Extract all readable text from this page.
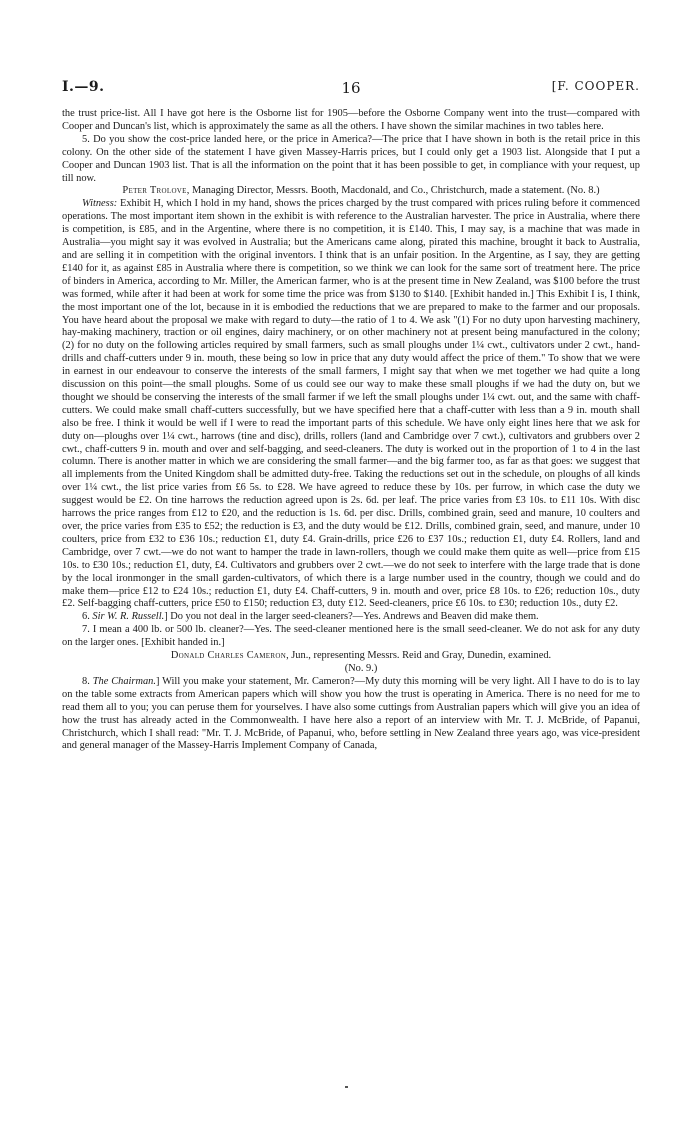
I.—9.	16	[F. COOPER.

the trust price-list. All I have got here is the Osborne list for 1905—before the Osborne Company went into the trust—compared with Cooper and Duncan's list, which is approximately the same as all the others. I have shown the similar machines in two tables here.

5. Do you show the cost-price landed here, or the price in America?—The price that I have shown in both is the retail price in this colony. On the other side of the statement I have given Massey-Harris prices, but I could only get a 1903 list. Alongside that I put a Cooper and Duncan 1903 list. That is all the information on the point that it has been possible to get, in compliance with your request, up till now.

Peter Trolove, Managing Director, Messrs. Booth, Macdonald, and Co., Christchurch, made a statement. (No. 8.)

Witness: Exhibit H, which I hold in my hand, shows the prices charged by the trust compared with prices ruling before it commenced operations. The most important item shown in the exhibit is with reference to the Australian harvester. The price in Australia, where there is competition, is £85, and in the Argentine, where there is no competition, it is £140. This, I may say, is a machine that was made in Australia—you might say it was evolved in Australia; but the Americans came along, pirated this machine, brought it back to Australia, and are selling it in competition with the original inventors. I think that is an unfair position. In the Argentine, as I say, they are getting £140 for it, as against £85 in Australia where there is competition, so we think we can look for the same sort of treatment here. The price of binders in America, according to Mr. Miller, the American farmer, who is at the present time in New Zealand, was $100 before the trust was formed, while after it had been at work for some time the price was from $130 to $140. [Exhibit handed in.] This Exhibit I is, I think, the most important one of the lot, because in it is embodied the reductions that we are prepared to make to the farmer and our proposals. You have heard about the proposal we make with regard to duty—the ratio of 1 to 4. We ask "(1) For no duty upon harvesting machinery, hay-making machinery, traction or oil engines, dairy machinery, or on other machinery not at present being manufactured in the colony; (2) for no duty on the following articles required by small farmers, such as small ploughs under 1¼ cwt., cultivators under 2 cwt., hand-drills and chaff-cutters under 9 in. mouth, these being so low in price that any duty would affect the price of them." To show that we were in earnest in our endeavour to conserve the interests of the small farmers, I might say that when we met together we had quite a long discussion on this point—the small ploughs. Some of us could see our way to make these small ploughs if we had the duty on, but we thought we should be conserving the interests of the small farmer if we left the small ploughs under 1¼ cwt. out, and the same with chaff-cutters. We could make small chaff-cutters successfully, but we have specified here that a chaff-cutter with less than a 9 in. mouth shall also be free. I think it would be well if I were to read the important parts of this schedule. We have only eight lines here that we ask for duty on—ploughs over 1¼ cwt., harrows (tine and disc), drills, rollers (land and Cambridge over 7 cwt.), cultivators and grubbers over 2 cwt., chaff-cutters 9 in. mouth and over and self-bagging, and seed-cleaners. The duty is worked out in the proportion of 1 to 4 in the last column. There is another matter in which we are considering the small farmer—and the big farmer too, as far as that goes: we suggest that all implements from the United Kingdom shall be admitted duty-free. Taking the reductions set out in the schedule, on ploughs of all kinds over 1¼ cwt., the list price varies from £6 5s. to £28. We have agreed to reduce these by 10s. per furrow, in which case the duty we suggest would be £2. On tine harrows the reduction agreed upon is 2s. 6d. per leaf. The price varies from £3 10s. to £11 10s. With disc harrows the price ranges from £12 to £20, and the reduction is 1s. 6d. per disc. Drills, combined grain, seed and manure, 10 coulters and over, the price varies from £35 to £52; the reduction is £3, and the duty would be £12. Drills, combined grain, seed, and manure, under 10 coulters, price from £32 to £36 10s.; reduction £1, duty £4. Grain-drills, price £26 to £37 10s.; reduction £1, duty £4. Rollers, land and Cambridge, over 7 cwt.—we do not want to hamper the trade in lawn-rollers, though we could make them quite as well—price from £15 10s. to £30 10s.; reduction £1, duty, £4. Cultivators and grubbers over 2 cwt.—we do not seek to interfere with the large trade that is done by the local ironmonger in the small garden-cultivators, of which there is a large number used in the country, though we could and do make them—price £12 to £24 10s.; reduction £1, duty £4. Chaff-cutters, 9 in. mouth and over, price £8 10s. to £26; reduction 10s., duty £2. Self-bagging chaff-cutters, price £50 to £150; reduction £3, duty £12. Seed-cleaners, price £6 10s. to £30; reduction 10s., duty £2.

6. Sir W. R. Russell.] Do you not deal in the larger seed-cleaners?—Yes. Andrews and Beaven did make them.

7. I mean a 400 lb. or 500 lb. cleaner?—Yes. The seed-cleaner mentioned here is the small seed-cleaner. We do not ask for any duty on the larger ones. [Exhibit handed in.]

Donald Charles Cameron, Jun., representing Messrs. Reid and Gray, Dunedin, examined.
(No. 9.)

8. The Chairman.] Will you make your statement, Mr. Cameron?—My duty this morning will be very light. All I have to do is to lay on the table some extracts from American papers which will show you how the trust is operating in America. There is no need for me to read them all to you; you can peruse them for yourselves. I have also some cuttings from Australian papers which will give you an idea of how the trust has already acted in the Commonwealth. I have here also a report of an interview with Mr. T. J. McBride, of Papanui, Christchurch, which I shall read: "Mr. T. J. McBride, of Papanui, who, before settling in New Zealand three years ago, was vice-president and general manager of the Massey-Harris Implement Company of Canada,
